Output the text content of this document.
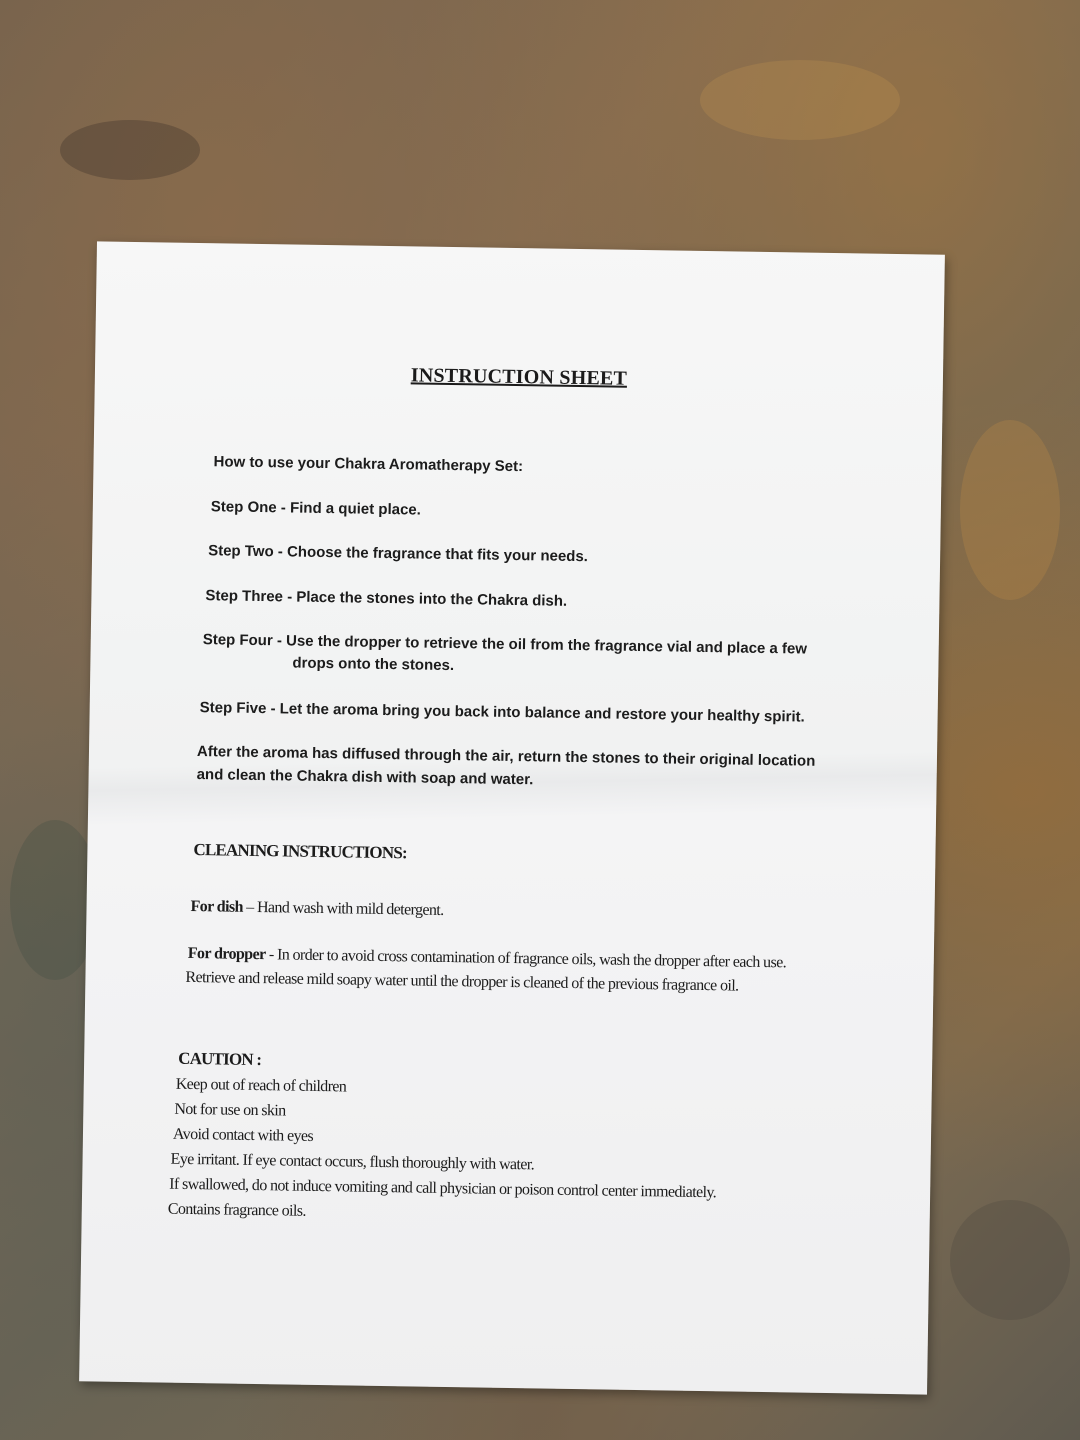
INSTRUCTION SHEET
How to use your Chakra Aromatherapy Set:
Step One - Find a quiet place.
Step Two - Choose the fragrance that fits your needs.
Step Three - Place the stones into the Chakra dish.
Step Four - Use the dropper to retrieve the oil from the fragrance vial and place a few
drops onto the stones.
Step Five - Let the aroma bring you back into balance and restore your healthy spirit.
After the aroma has diffused through the air, return the stones to their original location
and clean the Chakra dish with soap and water.
CLEANING INSTRUCTIONS:
For dish – Hand wash with mild detergent.
For dropper - In order to avoid cross contamination of fragrance oils, wash the dropper after each use.
Retrieve and release mild soapy water until the dropper is cleaned of the previous fragrance oil.
CAUTION :
Keep out of reach of children
Not for use on skin
Avoid contact with eyes
Eye irritant. If eye contact occurs, flush thoroughly with water.
If swallowed, do not induce vomiting and call physician or poison control center immediately.
Contains fragrance oils.
